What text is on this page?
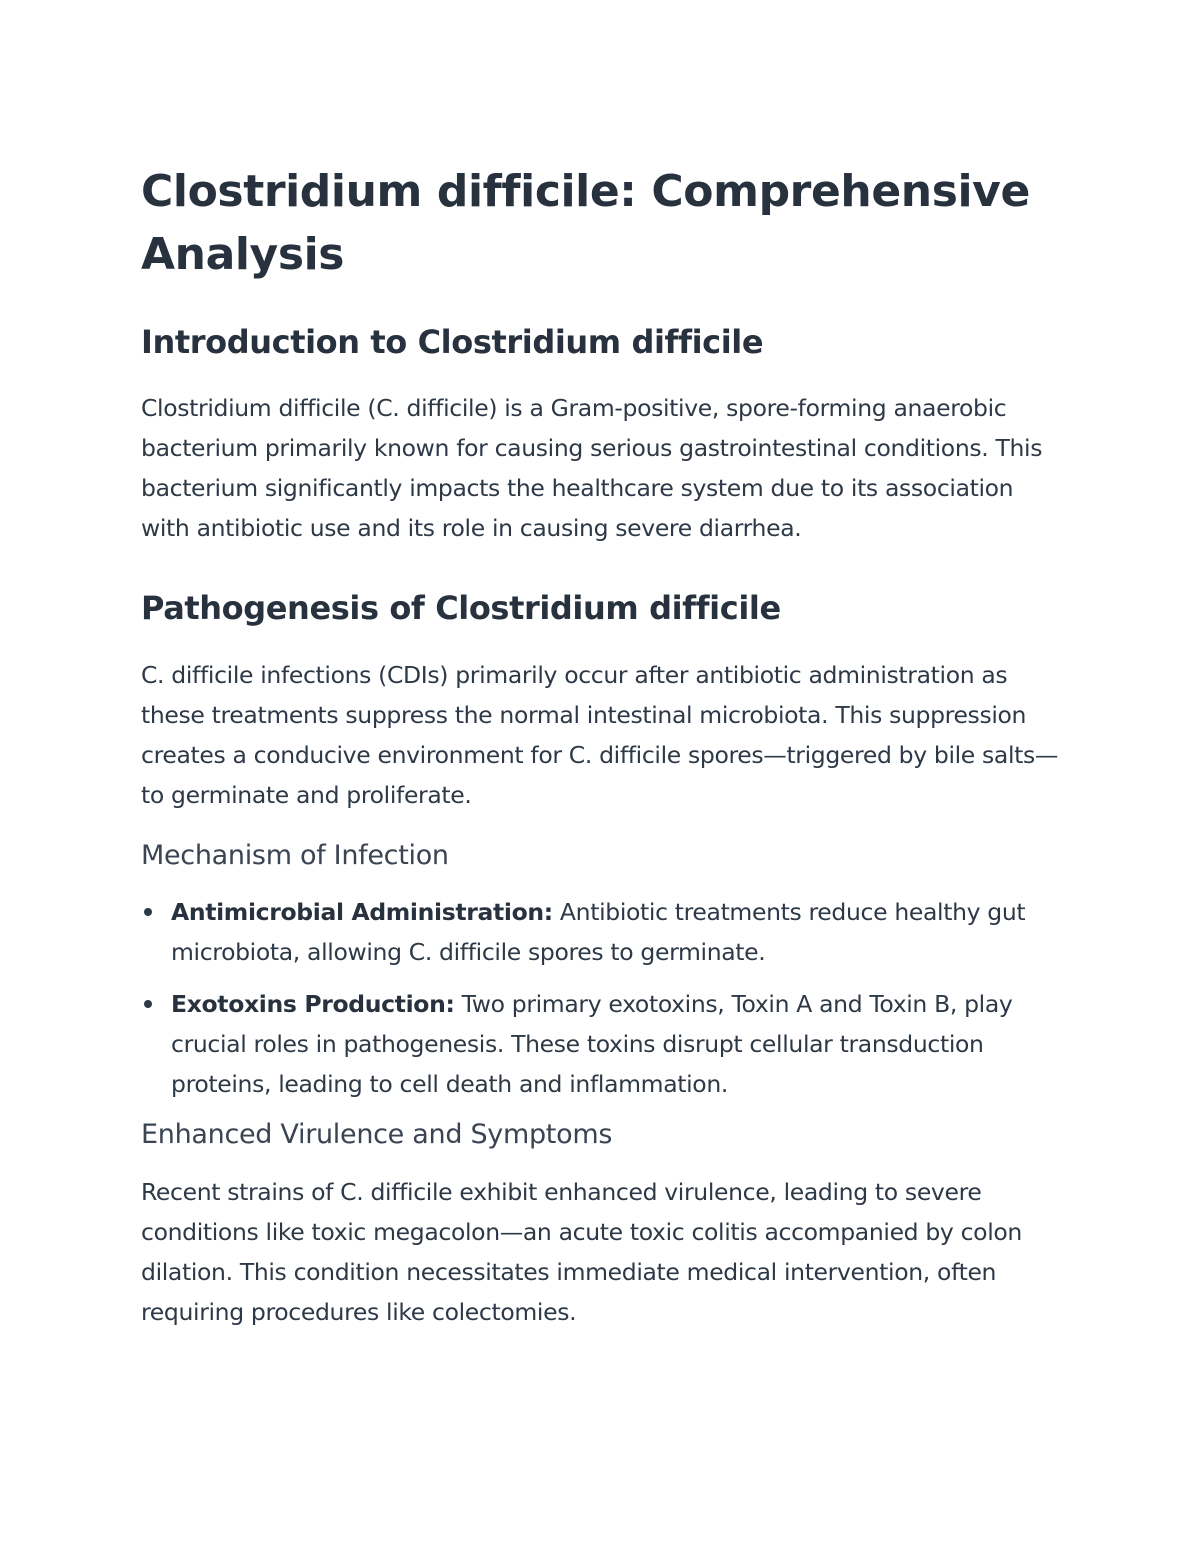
Clostridium difficile: Comprehensive Analysis
Introduction to Clostridium difficile

Clostridium difficile (C. difficile) is a Gram-positive, spore-forming anaerobic bacterium primarily known for causing serious gastrointestinal conditions. This bacterium significantly impacts the healthcare system due to its association with antibiotic use and its role in causing severe diarrhea.

Pathogenesis of Clostridium difficile

C. difficile infections (CDIs) primarily occur after antibiotic administration as these treatments suppress the normal intestinal microbiota. This suppression creates a conducive environment for C. difficile spores—triggered by bile salts—to germinate and proliferate.

Mechanism of Infection
Antimicrobial Administration: Antibiotic treatments reduce healthy gut microbiota, allowing C. difficile spores to germinate.
Exotoxins Production: Two primary exotoxins, Toxin A and Toxin B, play crucial roles in pathogenesis. These toxins disrupt cellular transduction proteins, leading to cell death and inflammation.
Enhanced Virulence and Symptoms

Recent strains of C. difficile exhibit enhanced virulence, leading to severe conditions like toxic megacolon—an acute toxic colitis accompanied by colon dilation. This condition necessitates immediate medical intervention, often requiring procedures like colectomies.
